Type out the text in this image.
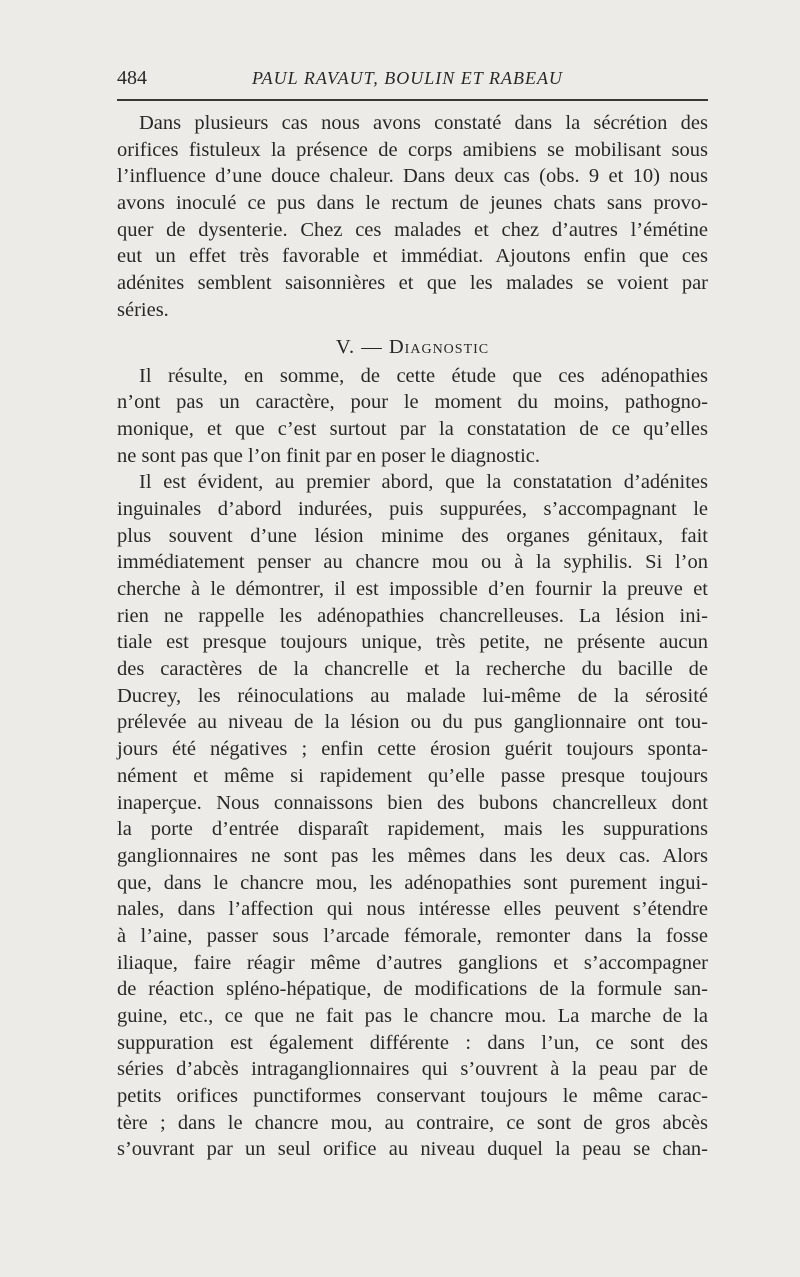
484	PAUL RAVAUT, BOULIN ET RABEAU
Dans plusieurs cas nous avons constaté dans la sécrétion des
orifices fistuleux la présence de corps amibiens se mobilisant sous
l’influence d’une douce chaleur. Dans deux cas (obs. 9 et 10) nous
avons inoculé ce pus dans le rectum de jeunes chats sans provo-
quer de dysenterie. Chez ces malades et chez d’autres l’émétine
eut un effet très favorable et immédiat. Ajoutons enfin que ces
adénites semblent saisonnières et que les malades se voient par
séries.
V. — Diagnostic
Il résulte, en somme, de cette étude que ces adénopathies
n’ont pas un caractère, pour le moment du moins, pathogno-
monique, et que c’est surtout par la constatation de ce qu’elles
ne sont pas que l’on finit par en poser le diagnostic.
Il est évident, au premier abord, que la constatation d’adénites
inguinales d’abord indurées, puis suppurées, s’accompagnant le
plus souvent d’une lésion minime des organes génitaux, fait
immédiatement penser au chancre mou ou à la syphilis. Si l’on
cherche à le démontrer, il est impossible d’en fournir la preuve et
rien ne rappelle les adénopathies chancrelleuses. La lésion ini-
tiale est presque toujours unique, très petite, ne présente aucun
des caractères de la chancrelle et la recherche du bacille de
Ducrey, les réinoculations au malade lui-même de la sérosité
prélevée au niveau de la lésion ou du pus ganglionnaire ont tou-
jours été négatives ; enfin cette érosion guérit toujours sponta-
nément et même si rapidement qu’elle passe presque toujours
inaperçue. Nous connaissons bien des bubons chancrelleux dont
la porte d’entrée disparaît rapidement, mais les suppurations
ganglionnaires ne sont pas les mêmes dans les deux cas. Alors
que, dans le chancre mou, les adénopathies sont purement ingui-
nales, dans l’affection qui nous intéresse elles peuvent s’étendre
à l’aine, passer sous l’arcade fémorale, remonter dans la fosse
iliaque, faire réagir même d’autres ganglions et s’accompagner
de réaction spléno-hépatique, de modifications de la formule san-
guine, etc., ce que ne fait pas le chancre mou. La marche de la
suppuration est également différente : dans l’un, ce sont des
séries d’abcès intraganglionnaires qui s’ouvrent à la peau par de
petits orifices punctiformes conservant toujours le même carac-
tère ; dans le chancre mou, au contraire, ce sont de gros abcès
s’ouvrant par un seul orifice au niveau duquel la peau se chan-
